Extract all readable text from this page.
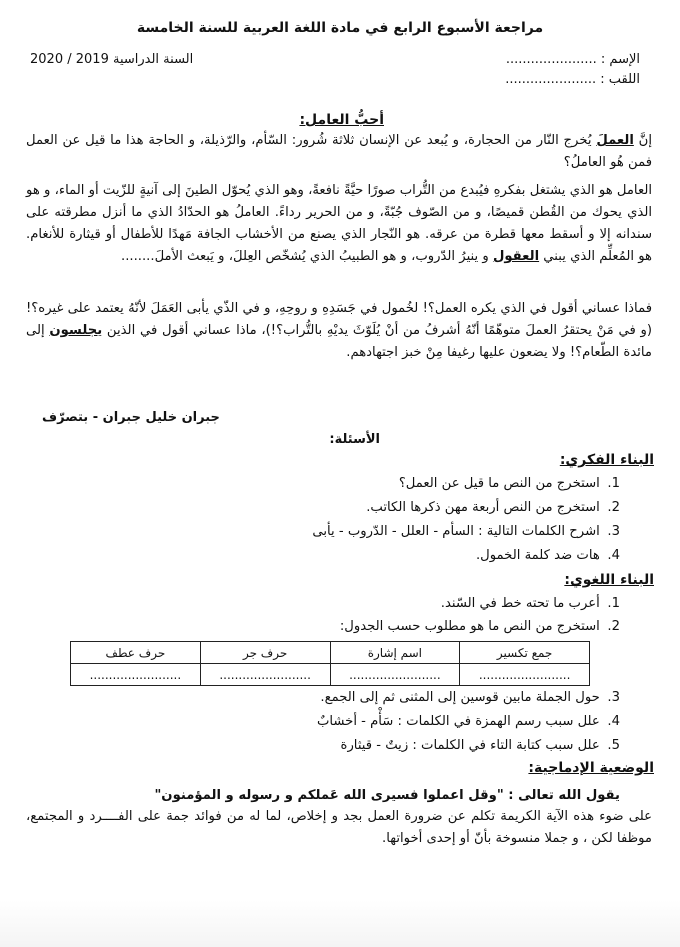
مراجعة الأسبوع الرابع في مادة اللغة العربية للسنة الخامسة
السنة الدراسية 2019 / 2020	الإسم : ......................
اللقب : ......................
أحبُّ العامل:
إنَّ العملَ يُخرج النّار من الحجارة، و يُبعد عن الإنسان ثلاثة شُرور: السّأم، والرّذيلة، و الحاجة هذا ما قيل عن العمل فمن هُو العاملُ؟
العامل هو الذي يشتغل بفكرهِ فيُبدع من التُّراب صورًا حيَّةً نافعةً، وهو الذي يُحوّل الطينَ إلى آنيةٍ للزّيت أو الماء، و هو الذي يحوك من القُطن قميصًا، و من الصّوف جُبّةً، و من الحرير رداءً. العاملُ هو الحدّادُ الذي ما أنزل مطرقته على سندانه إلا و أسقط معها قطرة من عرقه. هو النّجار الذي يصنع من الأخشاب الجافة مَهدًا للأطفال أو قيثارة للأنغام. هو المُعلِّم الذي يبني العقول و ينيرُ الدّروب، و هو الطبيبُ الذي يُشخّص العِللَ، و يَبعث الأملَ........
فماذا عساني أقول في الذي يكره العمل؟! لخُمول في جَسَدِهِ و روحِهِ، و في الذّي يأبى العَمَلَ لأنّهُ يعتمد على غيره؟!(و في مَنْ يحتقرُ العملَ متوهّمًا أنّهُ أشرفُ من أنْ يُلَوّثَ يديْهِ بالتُّراب؟!)، ماذا عساني أقول في الذين يجلسون إلى مائدة الطّعام؟! ولا يضعون عليها رغيفا مِنْ خبز اجتهادهم.
جبران خليل جبران - بتصرّف
الأسئلة:
البناء الفكري:
1. استخرج من النص ما قيل عن العمل؟
2. استخرج من النص أربعة مهن ذكرها الكاتب.
3. اشرح الكلمات التالية : السأم - العلل - الدّروب - يأبى
4. هات ضد كلمة الخمول.
البناء اللغوي:
1. أعرب ما تحته خط في السّند.
2. استخرج من النص ما هو مطلوب حسب الجدول:
جمع تكسير	اسم إشارة	حرف جر	حرف عطف
........................	........................	........................	........................
3. حول الجملة مابين قوسين إلى المثنى ثم إلى الجمع.
4. علل سبب رسم الهمزة في الكلمات : سَأْم - أخشابٌ
5. علل سبب كتابة التاء في الكلمات : زيتٌ - قيثارة
الوضعية الإدماجية:
يقول الله تعالى : "وقل اعملوا فسيرى الله عَملكم و رسوله و المؤمنون"
على ضوء هذه الآية الكريمة تكلم عن ضرورة العمل بجد و إخلاص، لما له من فوائد جمة على الفــــرد و المجتمع، موظفا لكن ، و جملا منسوخة بأنّ أو إحدى أخواتها.
